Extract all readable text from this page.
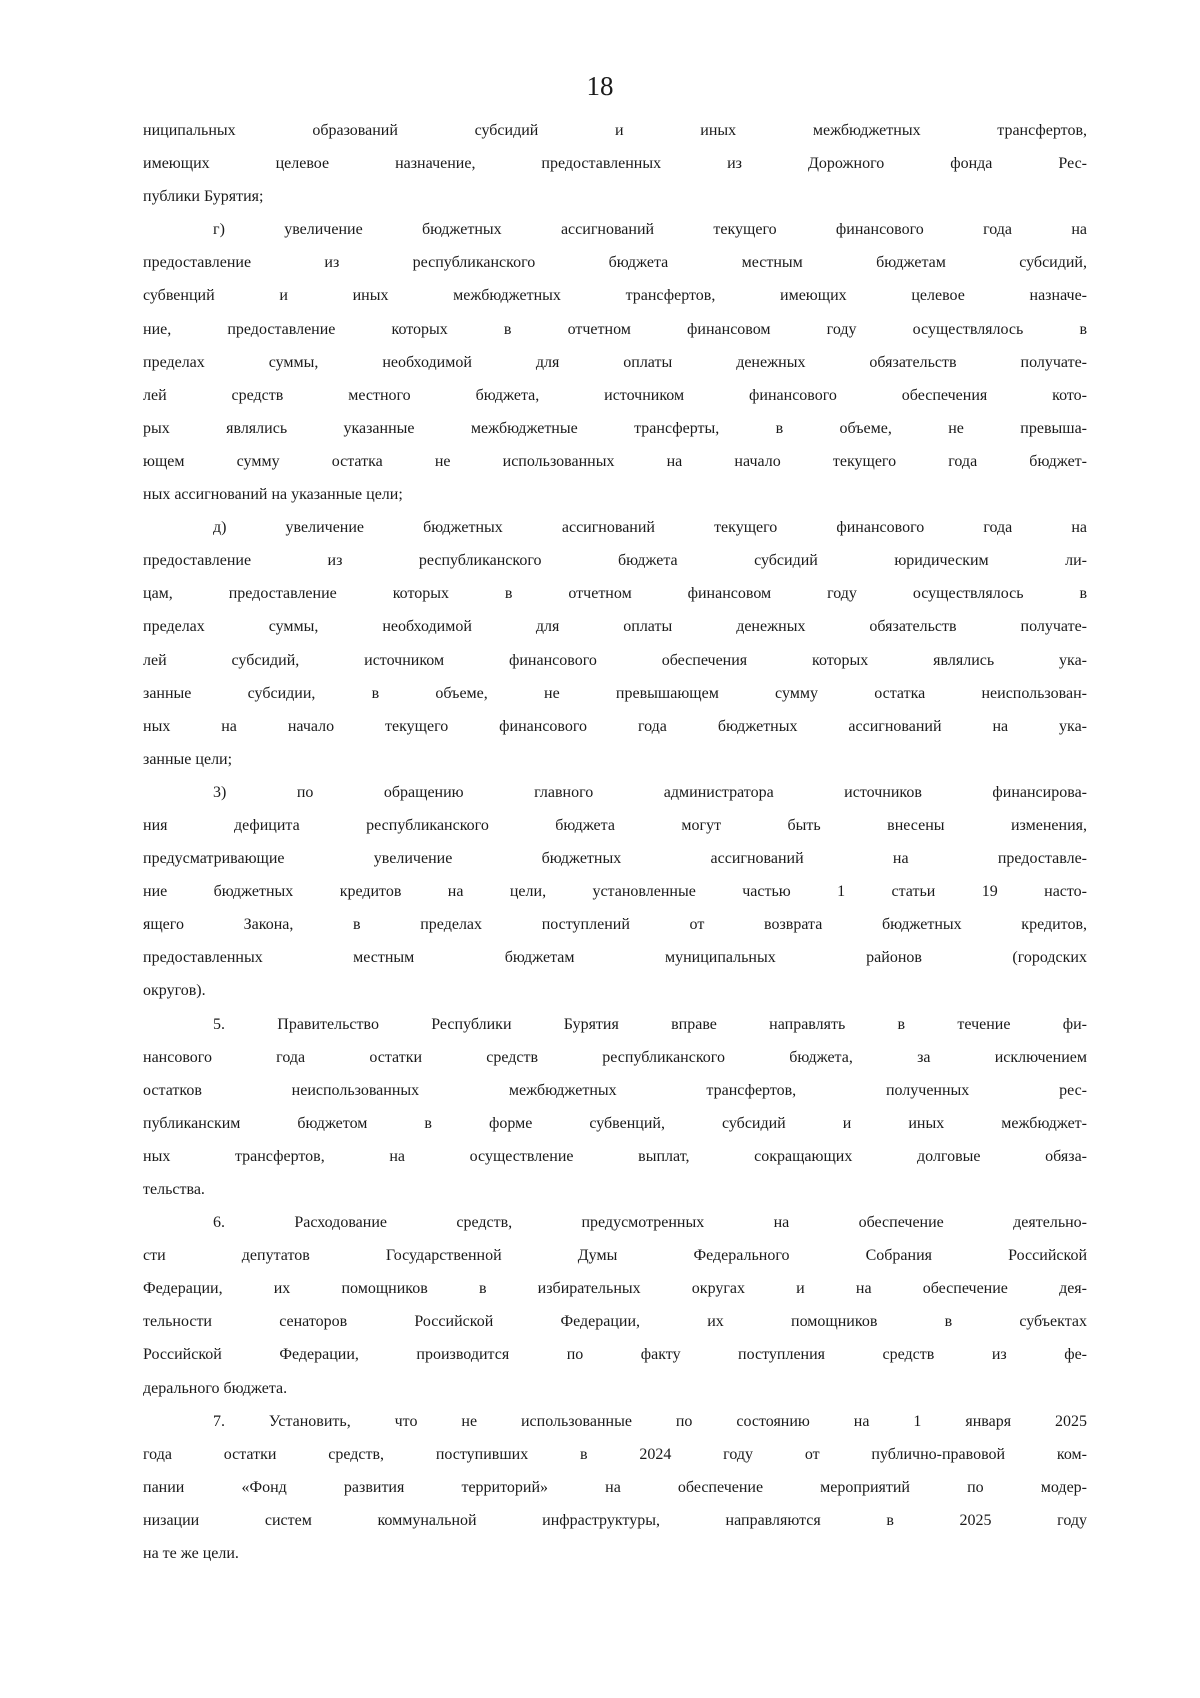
18
ниципальных образований субсидий и иных межбюджетных трансфертов,
имеющих целевое назначение, предоставленных из Дорожного фонда Рес-
публики Бурятия;
г) увеличение бюджетных ассигнований текущего финансового года на
предоставление из республиканского бюджета местным бюджетам субсидий,
субвенций и иных межбюджетных трансфертов, имеющих целевое назначе-
ние, предоставление которых в отчетном финансовом году осуществлялось в
пределах суммы, необходимой для оплаты денежных обязательств получате-
лей средств местного бюджета, источником финансового обеспечения кото-
рых являлись указанные межбюджетные трансферты, в объеме, не превыша-
ющем сумму остатка не использованных на начало текущего года бюджет-
ных ассигнований на указанные цели;
д) увеличение бюджетных ассигнований текущего финансового года на
предоставление из республиканского бюджета субсидий юридическим ли-
цам, предоставление которых в отчетном финансовом году осуществлялось в
пределах суммы, необходимой для оплаты денежных обязательств получате-
лей субсидий, источником финансового обеспечения которых являлись ука-
занные субсидии, в объеме, не превышающем сумму остатка неиспользован-
ных на начало текущего финансового года бюджетных ассигнований на ука-
занные цели;
3) по обращению главного администратора источников финансирова-
ния дефицита республиканского бюджета могут быть внесены изменения,
предусматривающие увеличение бюджетных ассигнований на предоставле-
ние бюджетных кредитов на цели, установленные частью 1 статьи 19 насто-
ящего Закона, в пределах поступлений от возврата бюджетных кредитов,
предоставленных местным бюджетам муниципальных районов (городских
округов).
5. Правительство Республики Бурятия вправе направлять в течение фи-
нансового года остатки средств республиканского бюджета, за исключением
остатков неиспользованных межбюджетных трансфертов, полученных рес-
публиканским бюджетом в форме субвенций, субсидий и иных межбюджет-
ных трансфертов, на осуществление выплат, сокращающих долговые обяза-
тельства.
6. Расходование средств, предусмотренных на обеспечение деятельно-
сти депутатов Государственной Думы Федерального Собрания Российской
Федерации, их помощников в избирательных округах и на обеспечение дея-
тельности сенаторов Российской Федерации, их помощников в субъектах
Российской Федерации, производится по факту поступления средств из фе-
дерального бюджета.
7. Установить, что не использованные по состоянию на 1 января 2025
года остатки средств, поступивших в 2024 году от публично-правовой ком-
пании «Фонд развития территорий» на обеспечение мероприятий по модер-
низации систем коммунальной инфраструктуры, направляются в 2025 году
на те же цели.
